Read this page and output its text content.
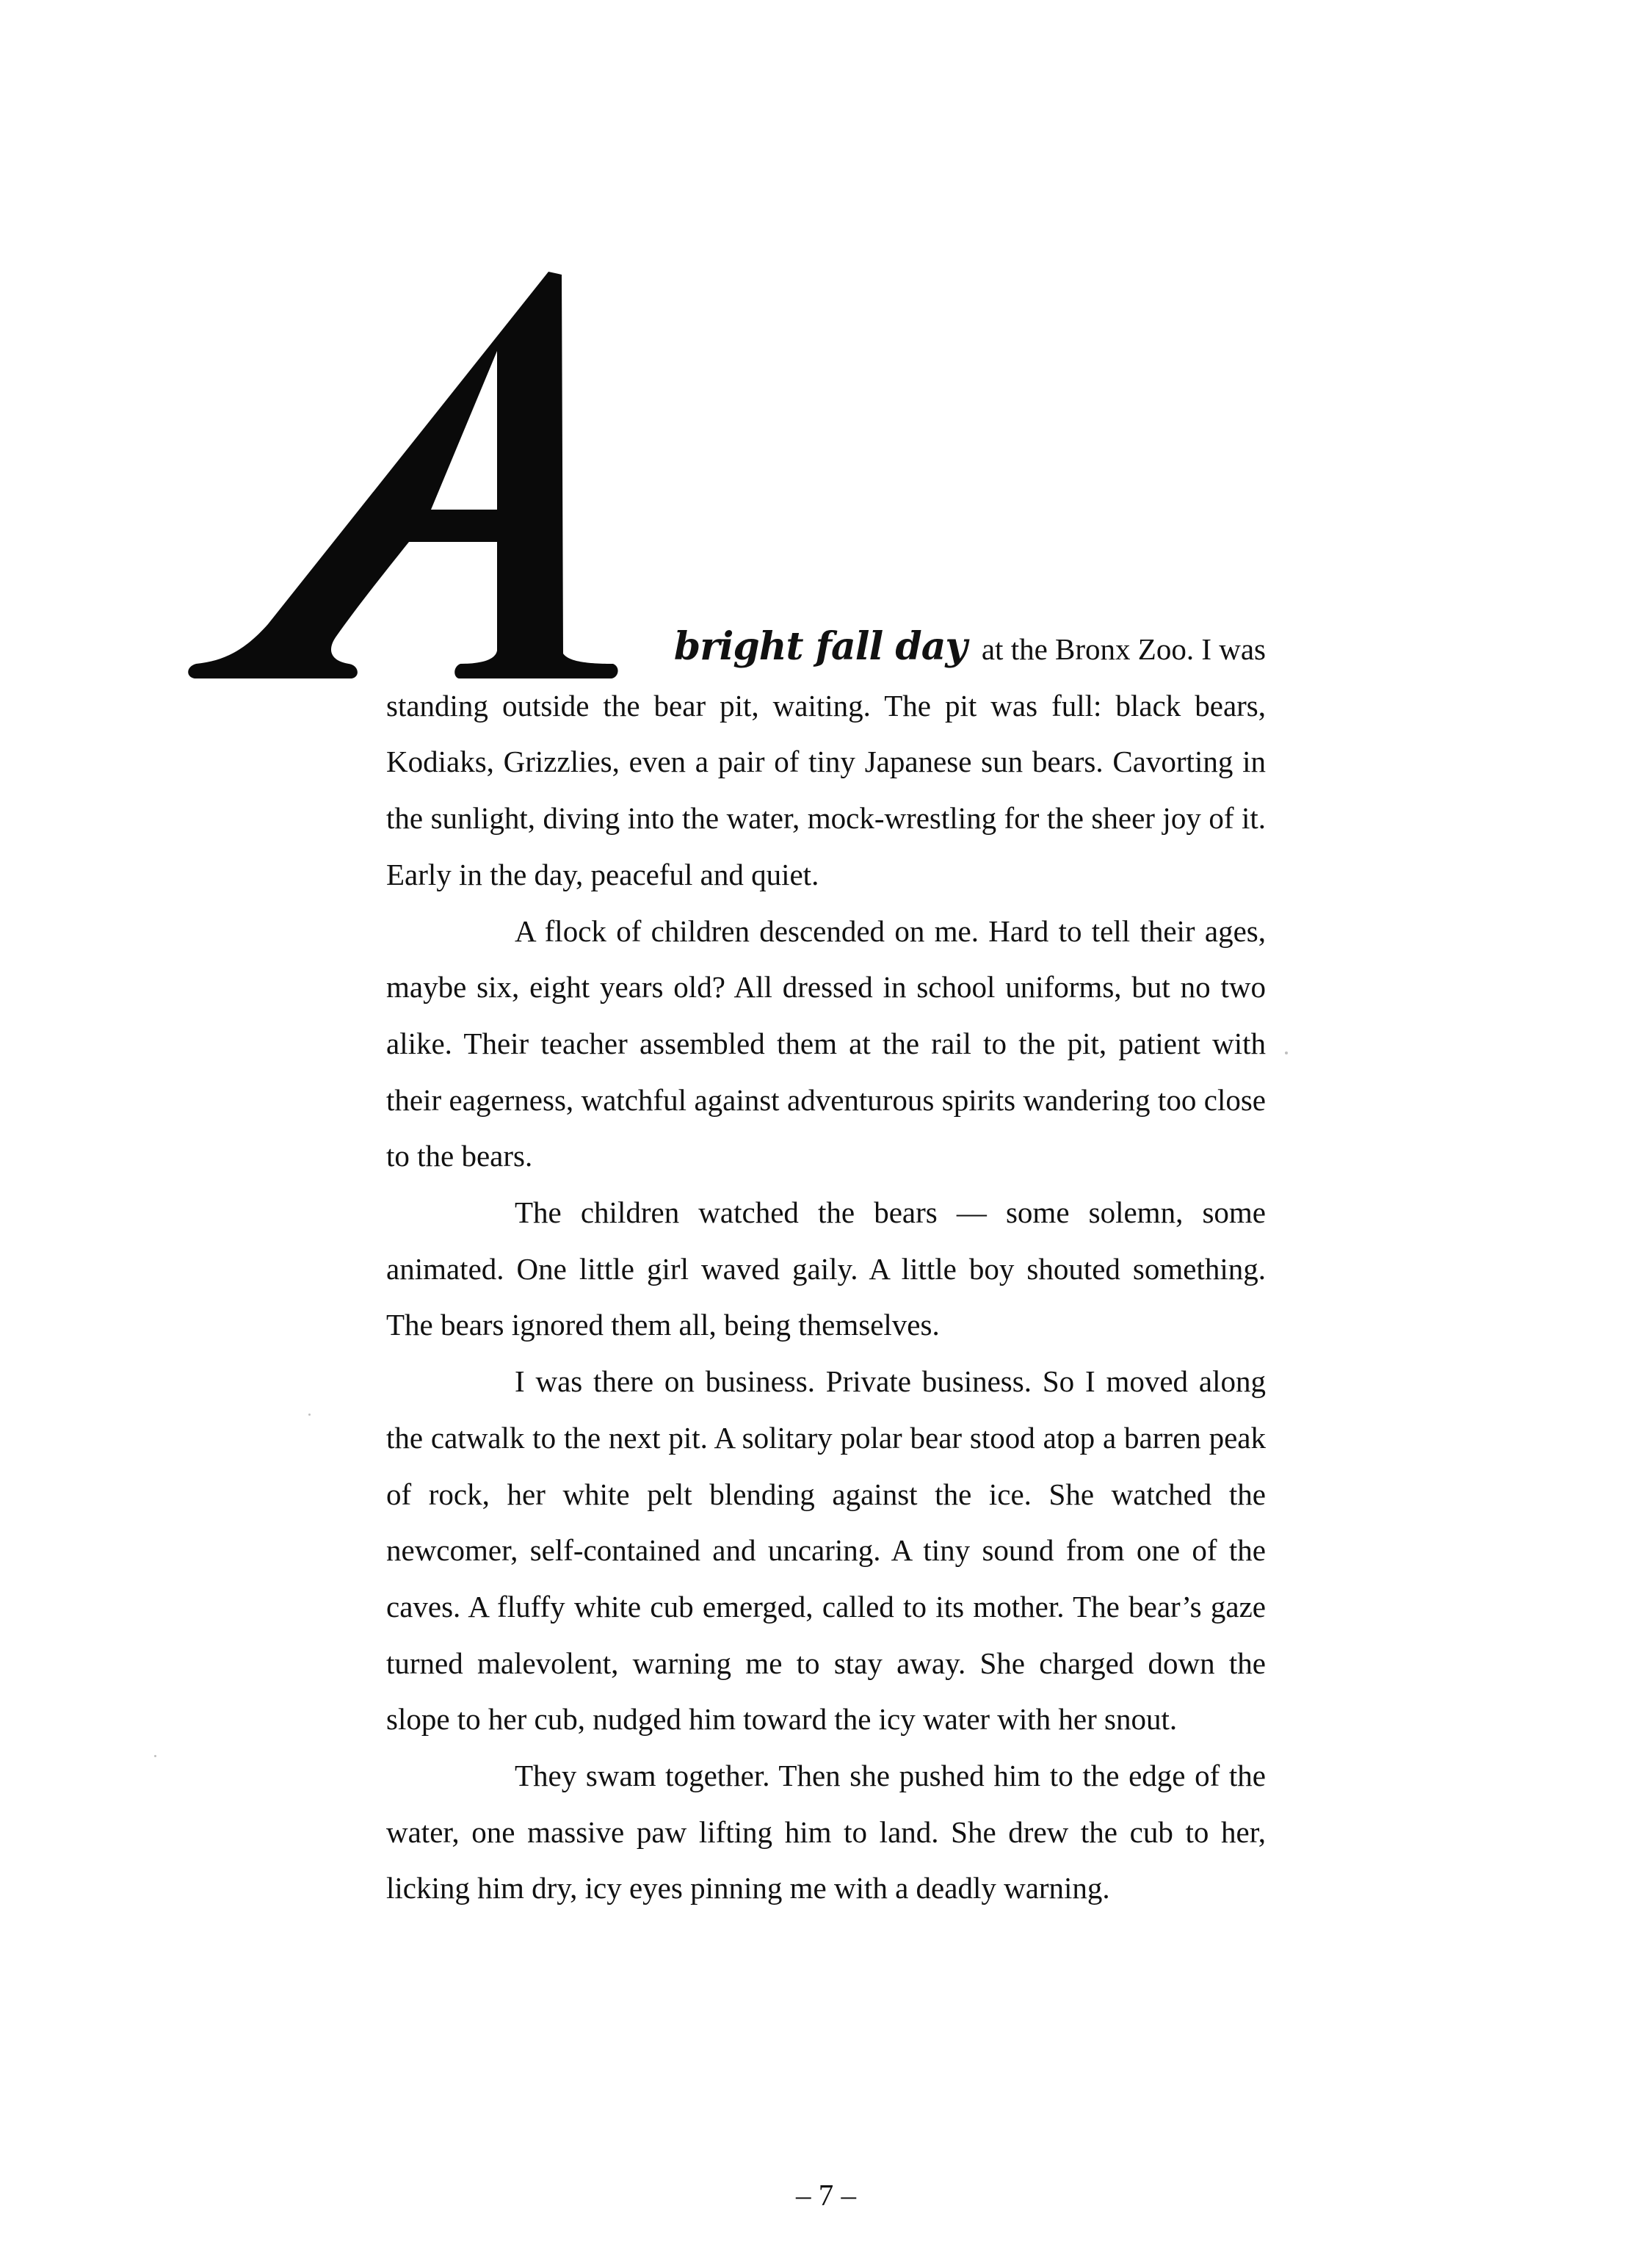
bright fall day at the Bronx Zoo. I was
standing outside the bear pit, waiting. The pit was full: black bears, Kodiaks, Grizzlies, even a pair of tiny Japanese sun bears. Cavorting in the sunlight, diving into the water, mock-wrestling for the sheer joy of it. Early in the day, peaceful and quiet.

A flock of children descended on me. Hard to tell their ages, maybe six, eight years old? All dressed in school uniforms, but no two alike. Their teacher assembled them at the rail to the pit, patient with their eagerness, watchful against adventurous spirits wandering too close to the bears.

The children watched the bears — some solemn, some animated. One little girl waved gaily. A little boy shouted something. The bears ignored them all, being themselves.

I was there on business. Private business. So I moved along the catwalk to the next pit. A solitary polar bear stood atop a barren peak of rock, her white pelt blending against the ice. She watched the newcomer, self-contained and uncaring. A tiny sound from one of the caves. A fluffy white cub emerged, called to its mother. The bear’s gaze turned malevolent, warning me to stay away. She charged down the slope to her cub, nudged him toward the icy water with her snout.

They swam together. Then she pushed him to the edge of the water, one massive paw lifting him to land. She drew the cub to her, licking him dry, icy eyes pinning me with a deadly warning.

– 7 –
